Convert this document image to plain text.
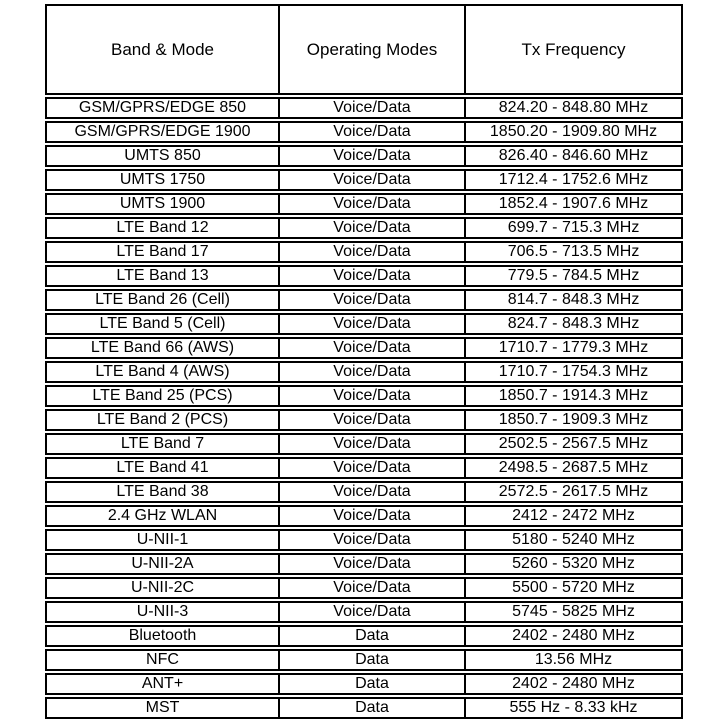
Band & Mode	Operating Modes	Tx Frequency
GSM/GPRS/EDGE 850	Voice/Data	824.20 - 848.80 MHz
GSM/GPRS/EDGE 1900	Voice/Data	1850.20 - 1909.80 MHz
UMTS 850	Voice/Data	826.40 - 846.60 MHz
UMTS 1750	Voice/Data	1712.4 - 1752.6 MHz
UMTS 1900	Voice/Data	1852.4 - 1907.6 MHz
LTE Band 12	Voice/Data	699.7 - 715.3 MHz
LTE Band 17	Voice/Data	706.5 - 713.5 MHz
LTE Band 13	Voice/Data	779.5 - 784.5 MHz
LTE Band 26 (Cell)	Voice/Data	814.7 - 848.3 MHz
LTE Band 5 (Cell)	Voice/Data	824.7 - 848.3 MHz
LTE Band 66 (AWS)	Voice/Data	1710.7 - 1779.3 MHz
LTE Band 4 (AWS)	Voice/Data	1710.7 - 1754.3 MHz
LTE Band 25 (PCS)	Voice/Data	1850.7 - 1914.3 MHz
LTE Band 2 (PCS)	Voice/Data	1850.7 - 1909.3 MHz
LTE Band 7	Voice/Data	2502.5 - 2567.5 MHz
LTE Band 41	Voice/Data	2498.5 - 2687.5 MHz
LTE Band 38	Voice/Data	2572.5 - 2617.5 MHz
2.4 GHz WLAN	Voice/Data	2412 - 2472 MHz
U-NII-1	Voice/Data	5180 - 5240 MHz
U-NII-2A	Voice/Data	5260 - 5320 MHz
U-NII-2C	Voice/Data	5500 - 5720 MHz
U-NII-3	Voice/Data	5745 - 5825 MHz
Bluetooth	Data	2402 - 2480 MHz
NFC	Data	13.56 MHz
ANT+	Data	2402 - 2480 MHz
MST	Data	555 Hz - 8.33 kHz
